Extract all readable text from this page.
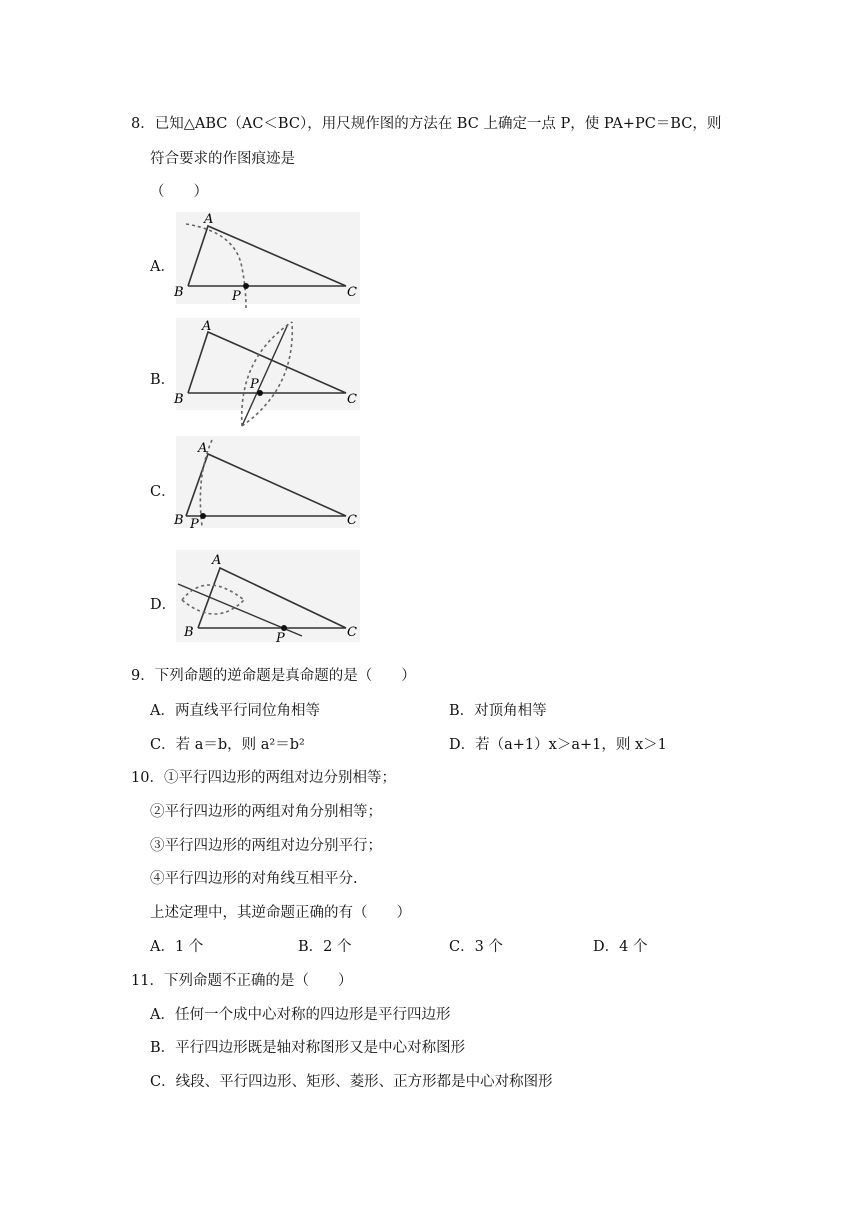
8．已知△ABC（AC＜BC），用尺规作图的方法在 BC 上确定一点 P，使 PA+PC＝BC，则
符合要求的作图痕迹是
（　　）
A．
A
B	P	C
B．
A
B
P
C
C．
A
B P	C
D．
A
B	P	C
9．下列命题的逆命题是真命题的是（　　）
A．两直线平行同位角相等	B．对顶角相等
C．若 a＝b，则 a²＝b²	D．若（a+1）x＞a+1，则 x＞1
10．①平行四边形的两组对边分别相等；
②平行四边形的两组对角分别相等；
③平行四边形的两组对边分别平行；
④平行四边形的对角线互相平分.
上述定理中，其逆命题正确的有（　　）
A．1 个	B．2 个	C．3 个	D．4 个
11．下列命题不正确的是（　　）
A．任何一个成中心对称的四边形是平行四边形
B．平行四边形既是轴对称图形又是中心对称图形
C．线段、平行四边形、矩形、菱形、正方形都是中心对称图形
